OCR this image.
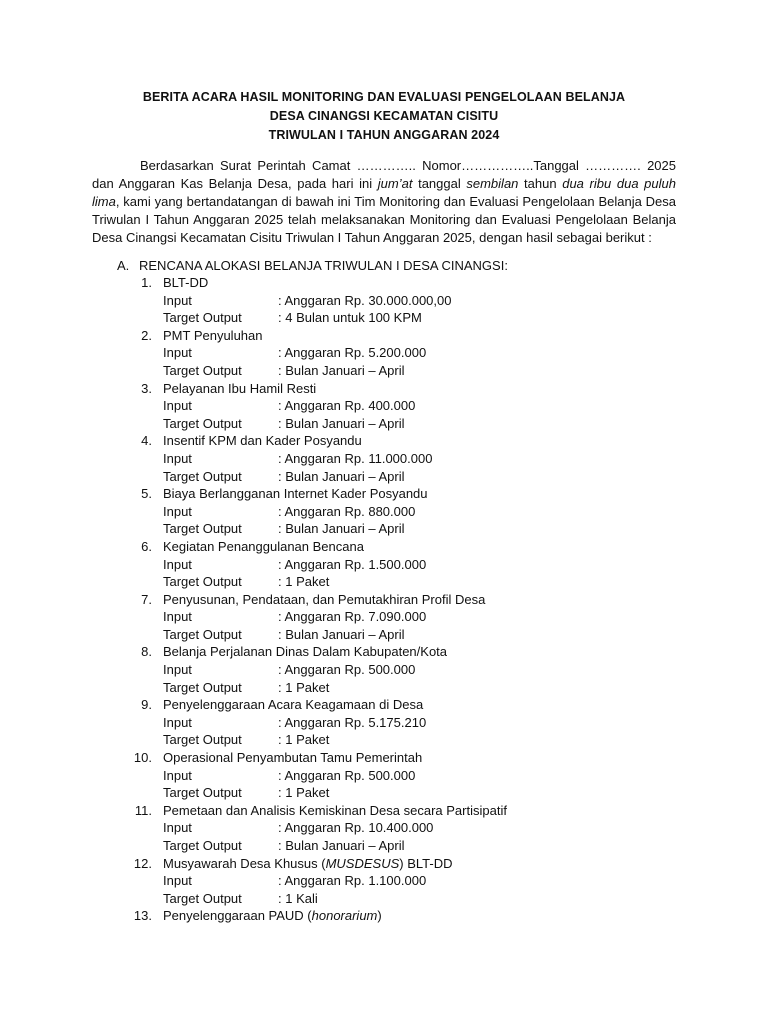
BERITA ACARA HASIL MONITORING DAN EVALUASI PENGELOLAAN BELANJA
DESA CINANGSI KECAMATAN CISITU
TRIWULAN I TAHUN ANGGARAN 2024
Berdasarkan Surat Perintah Camat ………….. Nomor……………..Tanggal …………. 2025 dan Anggaran Kas Belanja Desa, pada hari ini jum’at tanggal sembilan tahun dua ribu dua puluh lima, kami yang bertandatangan di bawah ini Tim Monitoring dan Evaluasi Pengelolaan Belanja Desa Triwulan I Tahun Anggaran 2025 telah melaksanakan Monitoring dan Evaluasi Pengelolaan Belanja Desa Cinangsi Kecamatan Cisitu Triwulan I Tahun Anggaran 2025, dengan hasil sebagai berikut :
A. RENCANA ALOKASI BELANJA TRIWULAN I DESA CINANGSI:
1. BLT-DD
Input	: Anggaran Rp. 30.000.000,00
Target Output	: 4 Bulan untuk 100 KPM
2. PMT Penyuluhan
Input	: Anggaran Rp. 5.200.000
Target Output	: Bulan Januari – April
3. Pelayanan Ibu Hamil Resti
Input	: Anggaran Rp. 400.000
Target Output	: Bulan Januari – April
4. Insentif KPM dan Kader Posyandu
Input	: Anggaran Rp. 11.000.000
Target Output	: Bulan Januari – April
5. Biaya Berlangganan Internet Kader Posyandu
Input	: Anggaran Rp. 880.000
Target Output	: Bulan Januari – April
6. Kegiatan Penanggulanan Bencana
Input	: Anggaran Rp. 1.500.000
Target Output	: 1 Paket
7. Penyusunan, Pendataan, dan Pemutakhiran Profil Desa
Input	: Anggaran Rp. 7.090.000
Target Output	: Bulan Januari – April
8. Belanja Perjalanan Dinas Dalam Kabupaten/Kota
Input	: Anggaran Rp. 500.000
Target Output	: 1 Paket
9. Penyelenggaraan Acara Keagamaan di Desa
Input	: Anggaran Rp. 5.175.210
Target Output	: 1 Paket
10. Operasional Penyambutan Tamu Pemerintah
Input	: Anggaran Rp. 500.000
Target Output	: 1 Paket
11. Pemetaan dan Analisis Kemiskinan Desa secara Partisipatif
Input	: Anggaran Rp. 10.400.000
Target Output	: Bulan Januari – April
12. Musyawarah Desa Khusus (MUSDESUS) BLT-DD
Input	: Anggaran Rp. 1.100.000
Target Output	: 1 Kali
13. Penyelenggaraan PAUD (honorarium)
